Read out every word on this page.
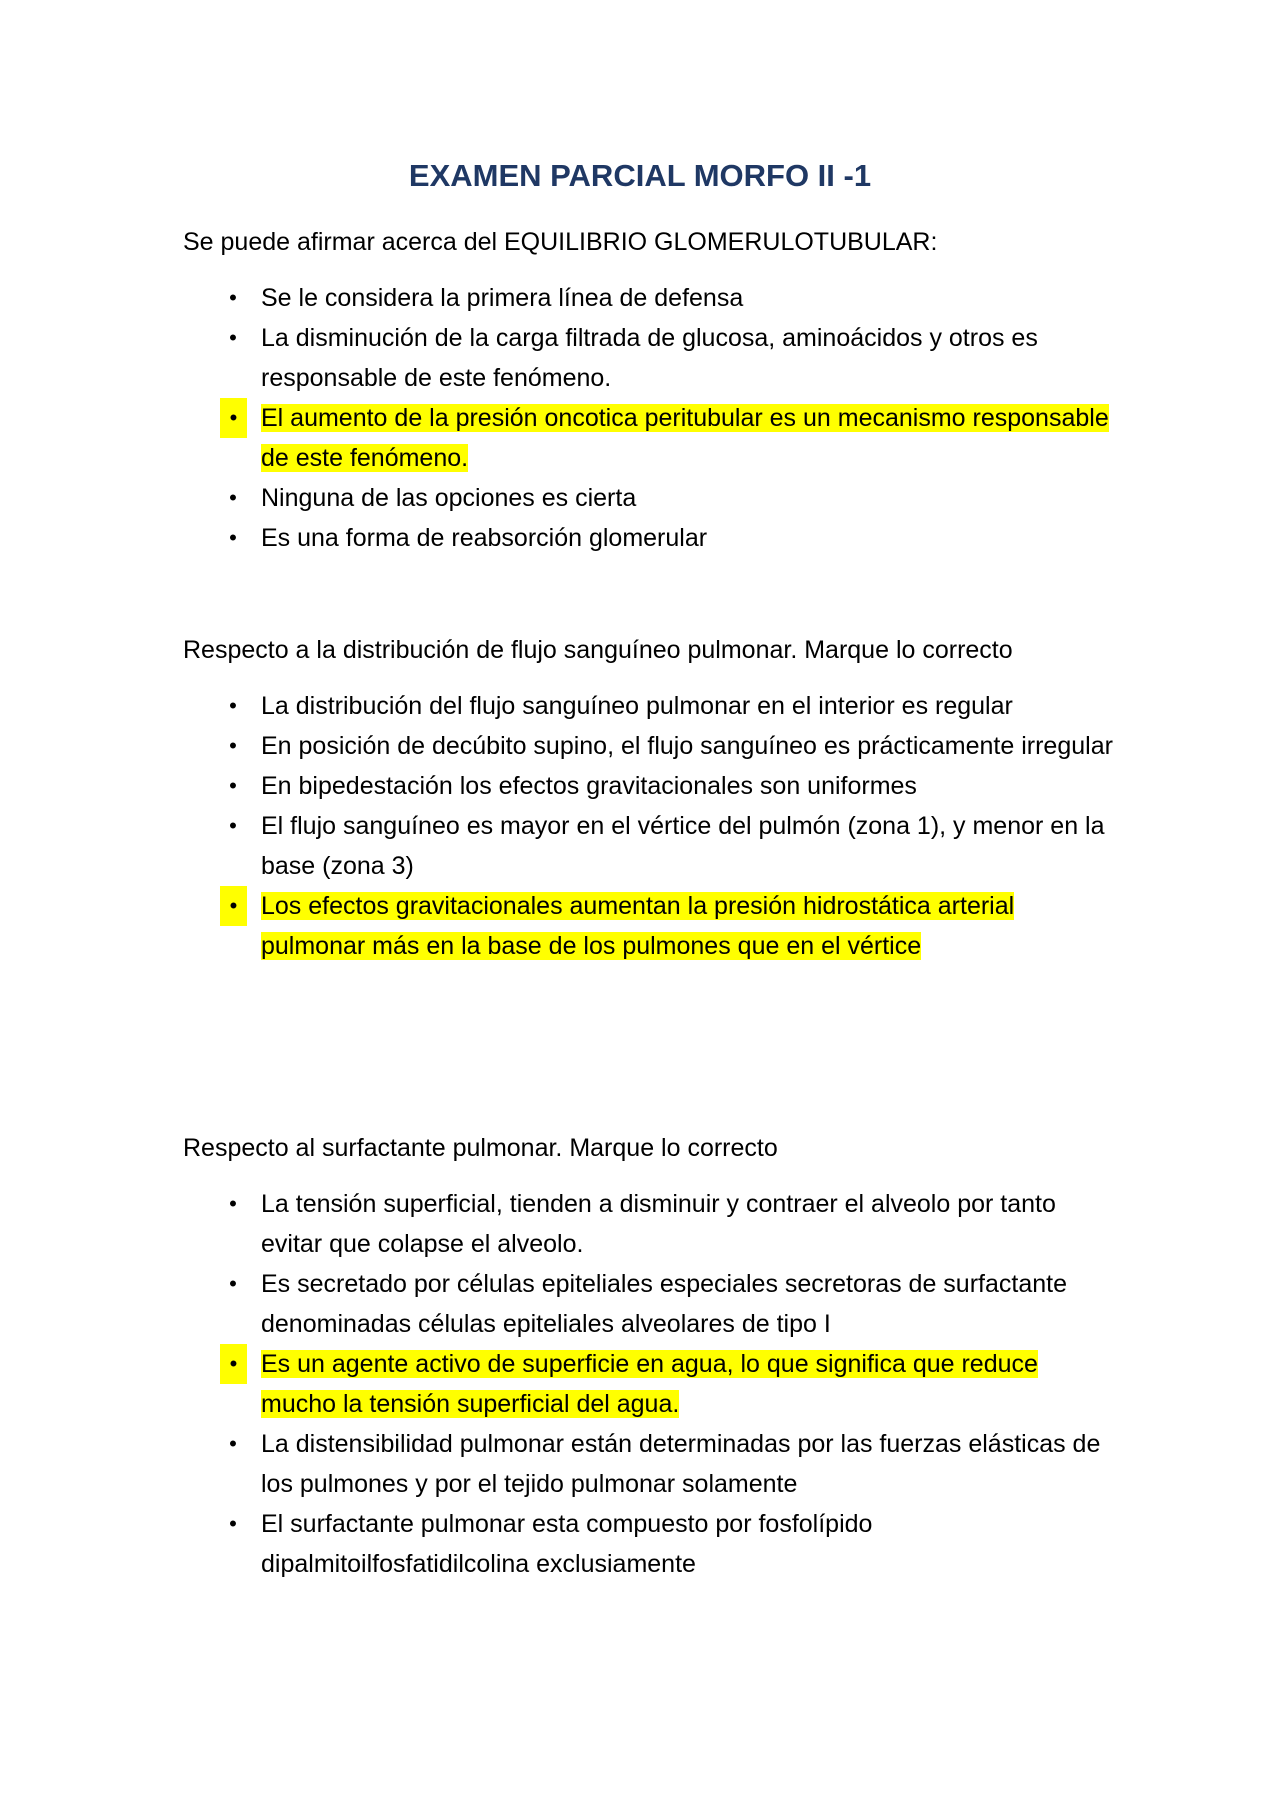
EXAMEN PARCIAL MORFO II -1

Se puede afirmar acerca del EQUILIBRIO GLOMERULOTUBULAR:

• Se le considera la primera línea de defensa
• La disminución de la carga filtrada de glucosa, aminoácidos y otros es responsable de este fenómeno.
• El aumento de la presión oncotica peritubular es un mecanismo responsable de este fenómeno.
• Ninguna de las opciones es cierta
• Es una forma de reabsorción glomerular

Respecto a la distribución de flujo sanguíneo pulmonar. Marque lo correcto

• La distribución del flujo sanguíneo pulmonar en el interior es regular
• En posición de decúbito supino, el flujo sanguíneo es prácticamente irregular
• En bipedestación los efectos gravitacionales son uniformes
• El flujo sanguíneo es mayor en el vértice del pulmón (zona 1), y menor en la base (zona 3)
• Los efectos gravitacionales aumentan la presión hidrostática arterial pulmonar más en la base de los pulmones que en el vértice

Respecto al surfactante pulmonar. Marque lo correcto

• La tensión superficial, tienden a disminuir y contraer el alveolo por tanto evitar que colapse el alveolo.
• Es secretado por células epiteliales especiales secretoras de surfactante denominadas células epiteliales alveolares de tipo I
• Es un agente activo de superficie en agua, lo que significa que reduce mucho la tensión superficial del agua.
• La distensibilidad pulmonar están determinadas por las fuerzas elásticas de los pulmones y por el tejido pulmonar solamente
• El surfactante pulmonar esta compuesto por fosfolípido dipalmitoilfosfatidilcolina exclusiamente
